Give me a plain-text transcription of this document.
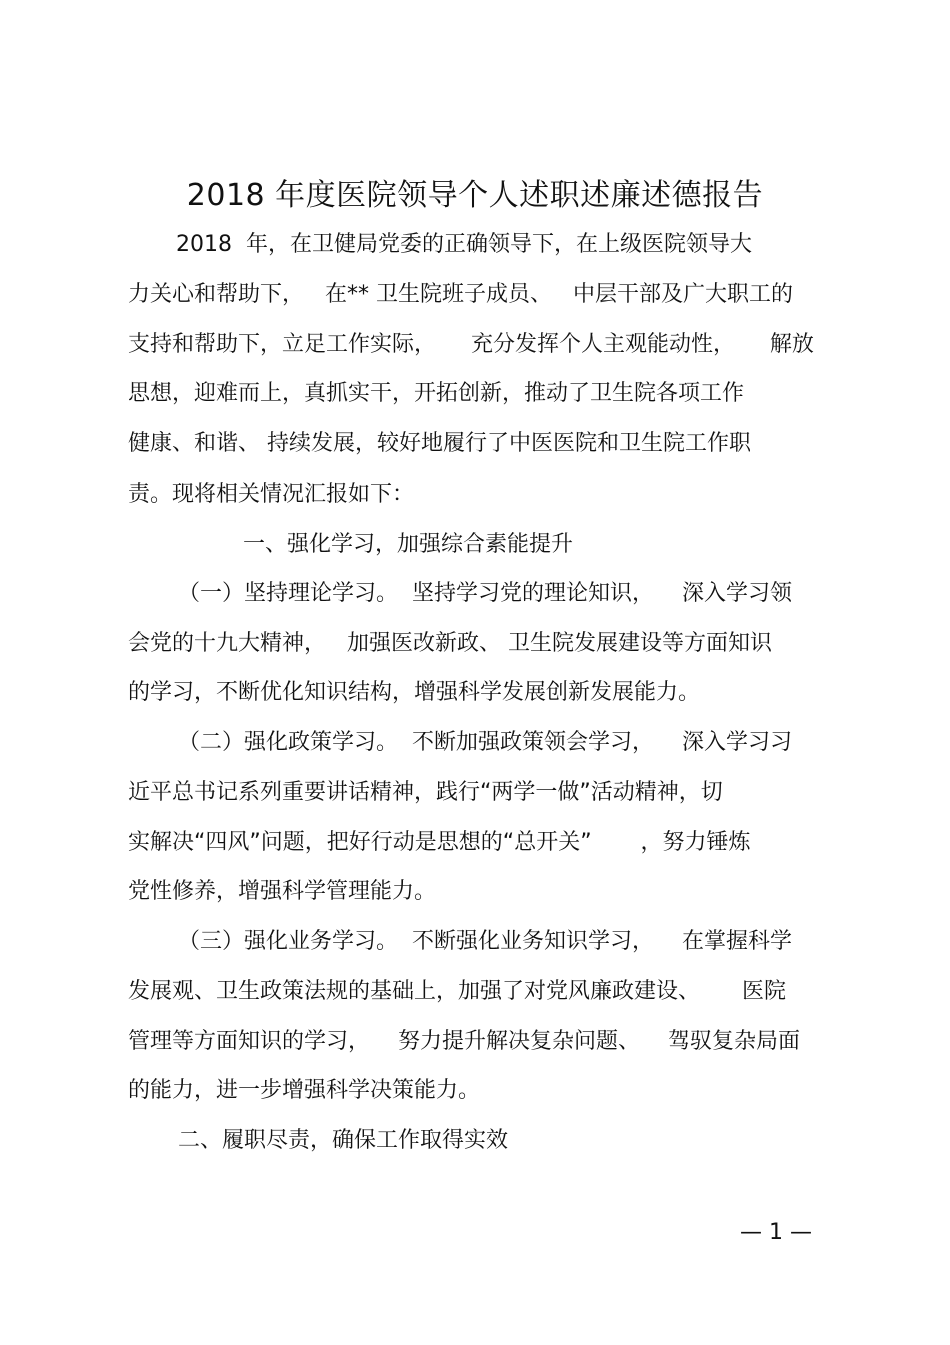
2018 年度医院领导个人述职述廉述德报告
2018  年，在卫健局党委的正确领导下，在上级医院领导大
力关心和帮助下，   在** 卫生院班子成员、   中层干部及广大职工的
支持和帮助下，立足工作实际，     充分发挥个人主观能动性，     解放
思想，迎难而上，真抓实干，开拓创新，推动了卫生院各项工作
健康、和谐、 持续发展，较好地履行了中医医院和卫生院工作职
责。现将相关情况汇报如下：
一、强化学习，加强综合素能提升
（一）坚持理论学习。  坚持学习党的理论知识，    深入学习领
会党的十九大精神，   加强医改新政、 卫生院发展建设等方面知识
的学习，不断优化知识结构，增强科学发展创新发展能力。
（二）强化政策学习。  不断加强政策领会学习，    深入学习习
近平总书记系列重要讲话精神，践行“两学一做”活动精神，切
实解决“四风”问题，把好行动是思想的“总开关”       ，努力锤炼
党性修养，增强科学管理能力。
（三）强化业务学习。  不断强化业务知识学习，    在掌握科学
发展观、卫生政策法规的基础上，加强了对党风廉政建设、      医院
管理等方面知识的学习，    努力提升解决复杂问题、    驾驭复杂局面
的能力，进一步增强科学决策能力。
二、履职尽责，确保工作取得实效
— 1 —
